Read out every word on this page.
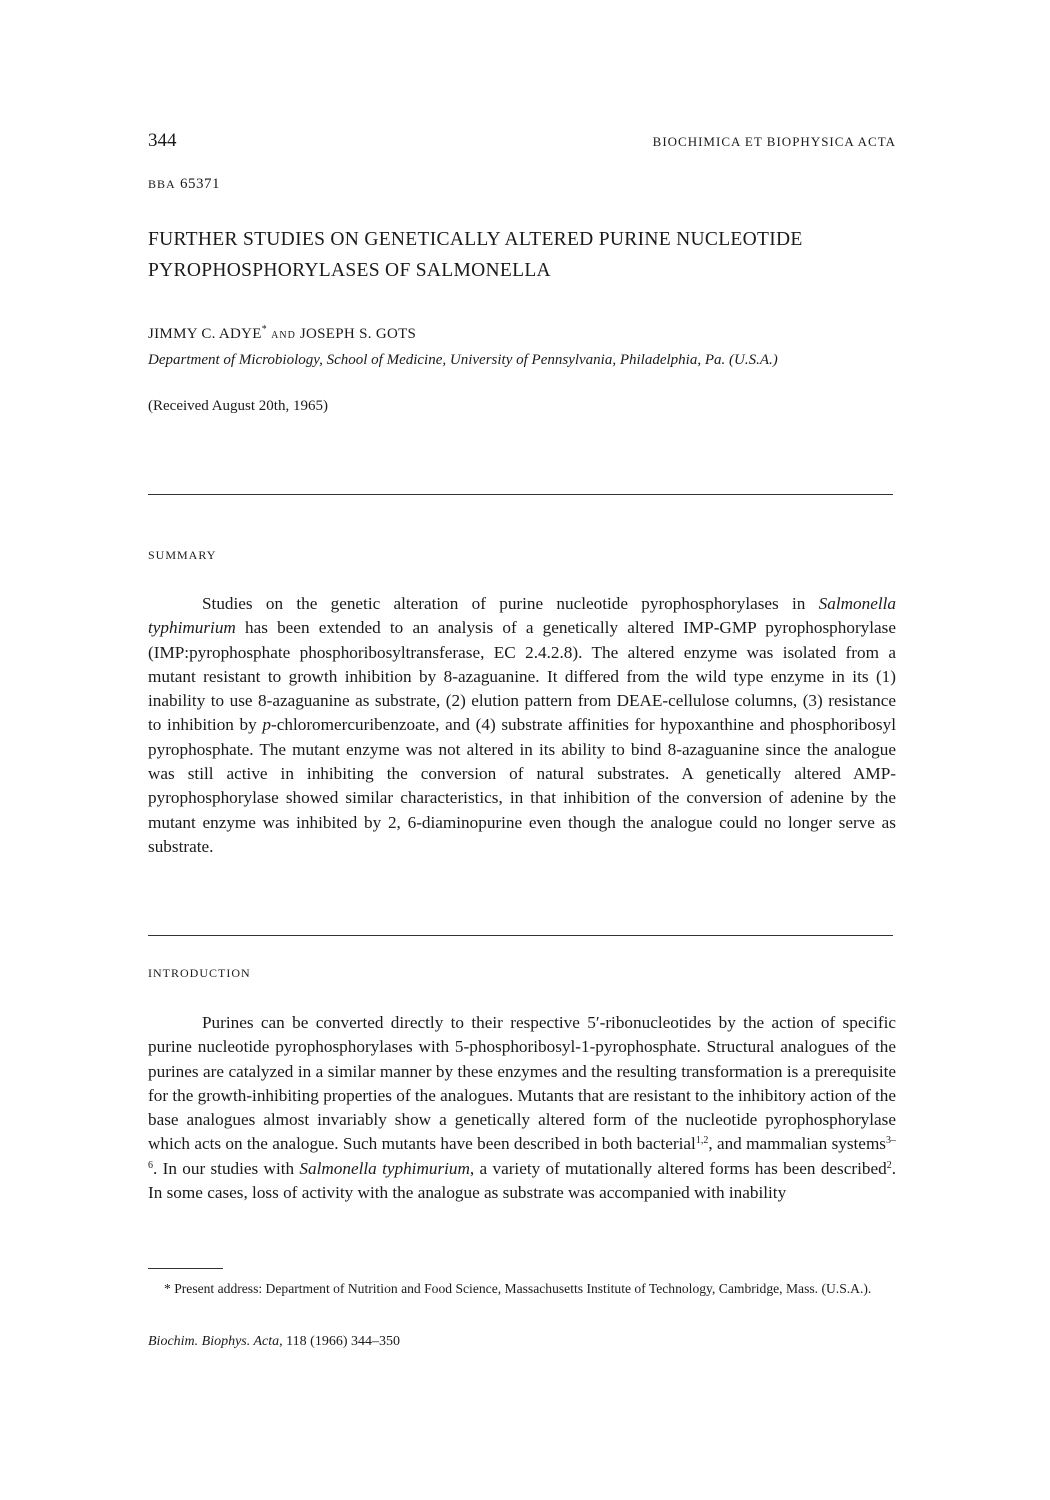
344	BIOCHIMICA ET BIOPHYSICA ACTA
BBA 65371
FURTHER STUDIES ON GENETICALLY ALTERED PURINE NUCLEOTIDE PYROPHOSPHORYLASES OF SALMONELLA
JIMMY C. ADYE* AND JOSEPH S. GOTS
Department of Microbiology, School of Medicine, University of Pennsylvania, Philadelphia, Pa. (U.S.A.)
(Received August 20th, 1965)
SUMMARY

Studies on the genetic alteration of purine nucleotide pyrophosphorylases in Salmonella typhimurium has been extended to an analysis of a genetically altered IMP-GMP pyrophosphorylase (IMP:pyrophosphate phosphoribosyltransferase, EC 2.4.2.8). The altered enzyme was isolated from a mutant resistant to growth inhibition by 8-azaguanine. It differed from the wild type enzyme in its (1) inability to use 8-azaguanine as substrate, (2) elution pattern from DEAE-cellulose columns, (3) resistance to inhibition by p-chloromercuribenzoate, and (4) substrate affinities for hypoxanthine and phosphoribosyl pyrophosphate. The mutant enzyme was not altered in its ability to bind 8-azaguanine since the analogue was still active in inhibiting the conversion of natural substrates. A genetically altered AMP-pyrophosphorylase showed similar characteristics, in that inhibition of the conversion of adenine by the mutant enzyme was inhibited by 2, 6-diaminopurine even though the analogue could no longer serve as substrate.

INTRODUCTION

Purines can be converted directly to their respective 5′-ribonucleotides by the action of specific purine nucleotide pyrophosphorylases with 5-phosphoribosyl-1-pyrophosphate. Structural analogues of the purines are catalyzed in a similar manner by these enzymes and the resulting transformation is a prerequisite for the growth-inhibiting properties of the analogues. Mutants that are resistant to the inhibitory action of the base analogues almost invariably show a genetically altered form of the nucleotide pyrophosphorylase which acts on the analogue. Such mutants have been described in both bacterial$^{1,2}$, and mammalian systems$^{3-6}$. In our studies with Salmonella typhimurium, a variety of mutationally altered forms has been described$^2$. In some cases, loss of activity with the analogue as substrate was accompanied with inability

* Present address: Department of Nutrition and Food Science, Massachusetts Institute of Technology, Cambridge, Mass. (U.S.A.).

Biochim. Biophys. Acta, 118 (1966) 344–350
